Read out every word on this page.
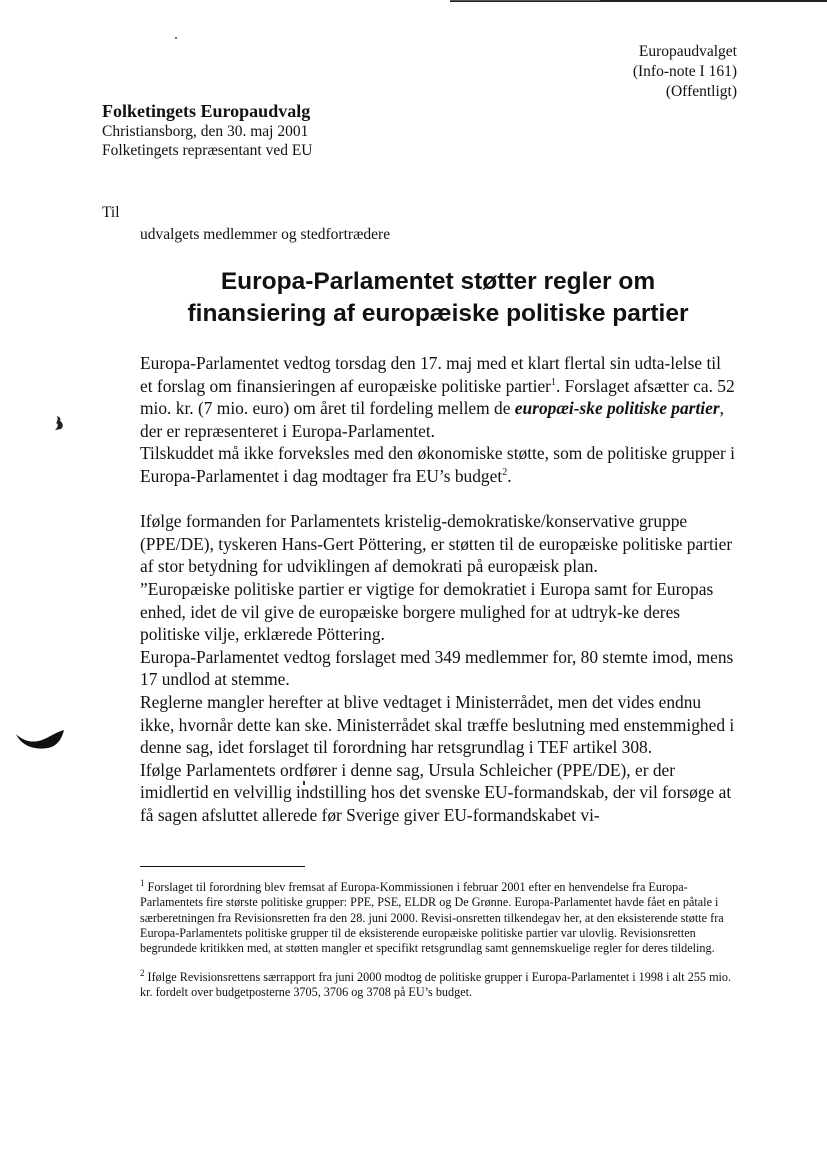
Europaudvalget
(Info-note I 161)
(Offentligt)
Folketingets Europaudvalg
Christiansborg, den 30. maj 2001
Folketingets repræsentant ved EU
Til
udvalgets medlemmer og stedfortrædere
Europa-Parlamentet støtter regler om
finansiering af europæiske politiske partier

Europa-Parlamentet vedtog torsdag den 17. maj med et klart flertal sin udta-lelse til et forslag om finansieringen af europæiske politiske partier$^1$. Forslaget afsætter ca. 52 mio. kr. (7 mio. euro) om året til fordeling mellem de europæi-ske politiske partier, der er repræsenteret i Europa-Parlamentet.

Tilskuddet må ikke forveksles med den økonomiske støtte, som de politiske grupper i Europa-Parlamentet i dag modtager fra EU’s budget$^2$.

Ifølge formanden for Parlamentets kristelig-demokratiske/konservative gruppe (PPE/DE), tyskeren Hans-Gert Pöttering, er støtten til de europæiske politiske partier af stor betydning for udviklingen af demokrati på europæisk plan.

”Europæiske politiske partier er vigtige for demokratiet i Europa samt for Europas enhed, idet de vil give de europæiske borgere mulighed for at udtryk-ke deres politiske vilje, erklærede Pöttering.

Europa-Parlamentet vedtog forslaget med 349 medlemmer for, 80 stemte imod, mens 17 undlod at stemme.

Reglerne mangler herefter at blive vedtaget i Ministerrådet, men det vides endnu ikke, hvornår dette kan ske. Ministerrådet skal træffe beslutning med enstemmighed i denne sag, idet forslaget til forordning har retsgrundlag i TEF artikel 308.

Ifølge Parlamentets ordfører i denne sag, Ursula Schleicher (PPE/DE), er der imidlertid en velvillig indstilling hos det svenske EU-formandskab, der vil forsøge at få sagen afsluttet allerede før Sverige giver EU-formandskabet vi-

$^1$ Forslaget til forordning blev fremsat af Europa-Kommissionen i februar 2001 efter en henvendelse fra Europa-Parlamentets fire største politiske grupper: PPE, PSE, ELDR og De Grønne. Europa-Parlamentet havde fået en påtale i særberetningen fra Revisionsretten fra den 28. juni 2000. Revisi-onsretten tilkendegav her, at den eksisterende støtte fra Europa-Parlamentets politiske grupper til de eksisterende europæiske politiske partier var ulovlig. Revisionsretten begrundede kritikken med, at støtten mangler et specifikt retsgrundlag samt gennemskuelige regler for deres tildeling.

$^2$ Ifølge Revisionsrettens særrapport fra juni 2000 modtog de politiske grupper i Europa-Parlamentet i 1998 i alt 255 mio. kr. fordelt over budgetposterne 3705, 3706 og 3708 på EU’s budget.
